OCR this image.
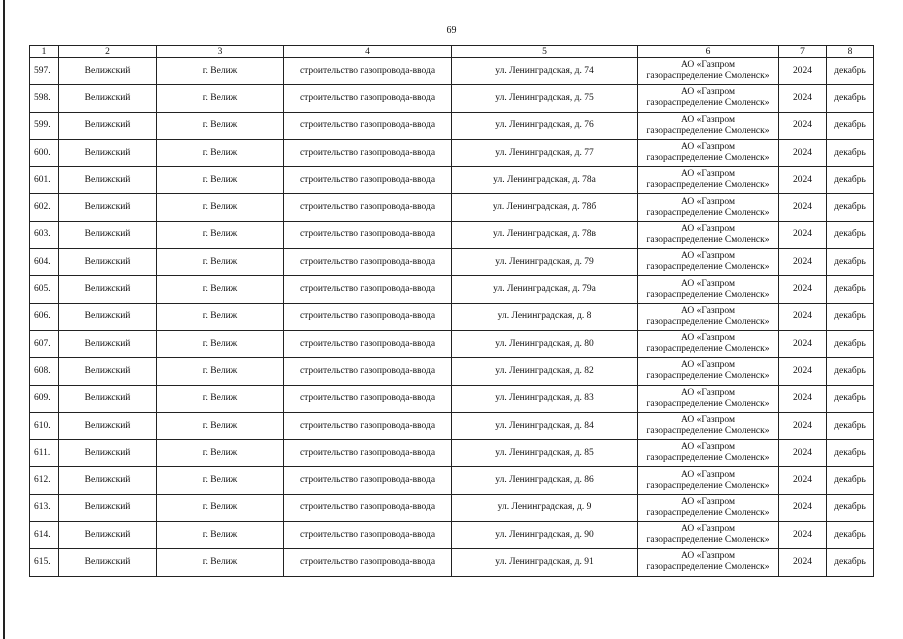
69
1	2	3	4	5	6	7	8
597.	Велижский	г. Велиж	строительство газопровода-ввода	ул. Ленинградская, д. 74	АО «Газпром
газораспределение Смоленск»	2024	декабрь
598.	Велижский	г. Велиж	строительство газопровода-ввода	ул. Ленинградская, д. 75	АО «Газпром
газораспределение Смоленск»	2024	декабрь
599.	Велижский	г. Велиж	строительство газопровода-ввода	ул. Ленинградская, д. 76	АО «Газпром
газораспределение Смоленск»	2024	декабрь
600.	Велижский	г. Велиж	строительство газопровода-ввода	ул. Ленинградская, д. 77	АО «Газпром
газораспределение Смоленск»	2024	декабрь
601.	Велижский	г. Велиж	строительство газопровода-ввода	ул. Ленинградская, д. 78а	АО «Газпром
газораспределение Смоленск»	2024	декабрь
602.	Велижский	г. Велиж	строительство газопровода-ввода	ул. Ленинградская, д. 78б	АО «Газпром
газораспределение Смоленск»	2024	декабрь
603.	Велижский	г. Велиж	строительство газопровода-ввода	ул. Ленинградская, д. 78в	АО «Газпром
газораспределение Смоленск»	2024	декабрь
604.	Велижский	г. Велиж	строительство газопровода-ввода	ул. Ленинградская, д. 79	АО «Газпром
газораспределение Смоленск»	2024	декабрь
605.	Велижский	г. Велиж	строительство газопровода-ввода	ул. Ленинградская, д. 79а	АО «Газпром
газораспределение Смоленск»	2024	декабрь
606.	Велижский	г. Велиж	строительство газопровода-ввода	ул. Ленинградская, д. 8	АО «Газпром
газораспределение Смоленск»	2024	декабрь
607.	Велижский	г. Велиж	строительство газопровода-ввода	ул. Ленинградская, д. 80	АО «Газпром
газораспределение Смоленск»	2024	декабрь
608.	Велижский	г. Велиж	строительство газопровода-ввода	ул. Ленинградская, д. 82	АО «Газпром
газораспределение Смоленск»	2024	декабрь
609.	Велижский	г. Велиж	строительство газопровода-ввода	ул. Ленинградская, д. 83	АО «Газпром
газораспределение Смоленск»	2024	декабрь
610.	Велижский	г. Велиж	строительство газопровода-ввода	ул. Ленинградская, д. 84	АО «Газпром
газораспределение Смоленск»	2024	декабрь
611.	Велижский	г. Велиж	строительство газопровода-ввода	ул. Ленинградская, д. 85	АО «Газпром
газораспределение Смоленск»	2024	декабрь
612.	Велижский	г. Велиж	строительство газопровода-ввода	ул. Ленинградская, д. 86	АО «Газпром
газораспределение Смоленск»	2024	декабрь
613.	Велижский	г. Велиж	строительство газопровода-ввода	ул. Ленинградская, д. 9	АО «Газпром
газораспределение Смоленск»	2024	декабрь
614.	Велижский	г. Велиж	строительство газопровода-ввода	ул. Ленинградская, д. 90	АО «Газпром
газораспределение Смоленск»	2024	декабрь
615.	Велижский	г. Велиж	строительство газопровода-ввода	ул. Ленинградская, д. 91	АО «Газпром
газораспределение Смоленск»	2024	декабрь
